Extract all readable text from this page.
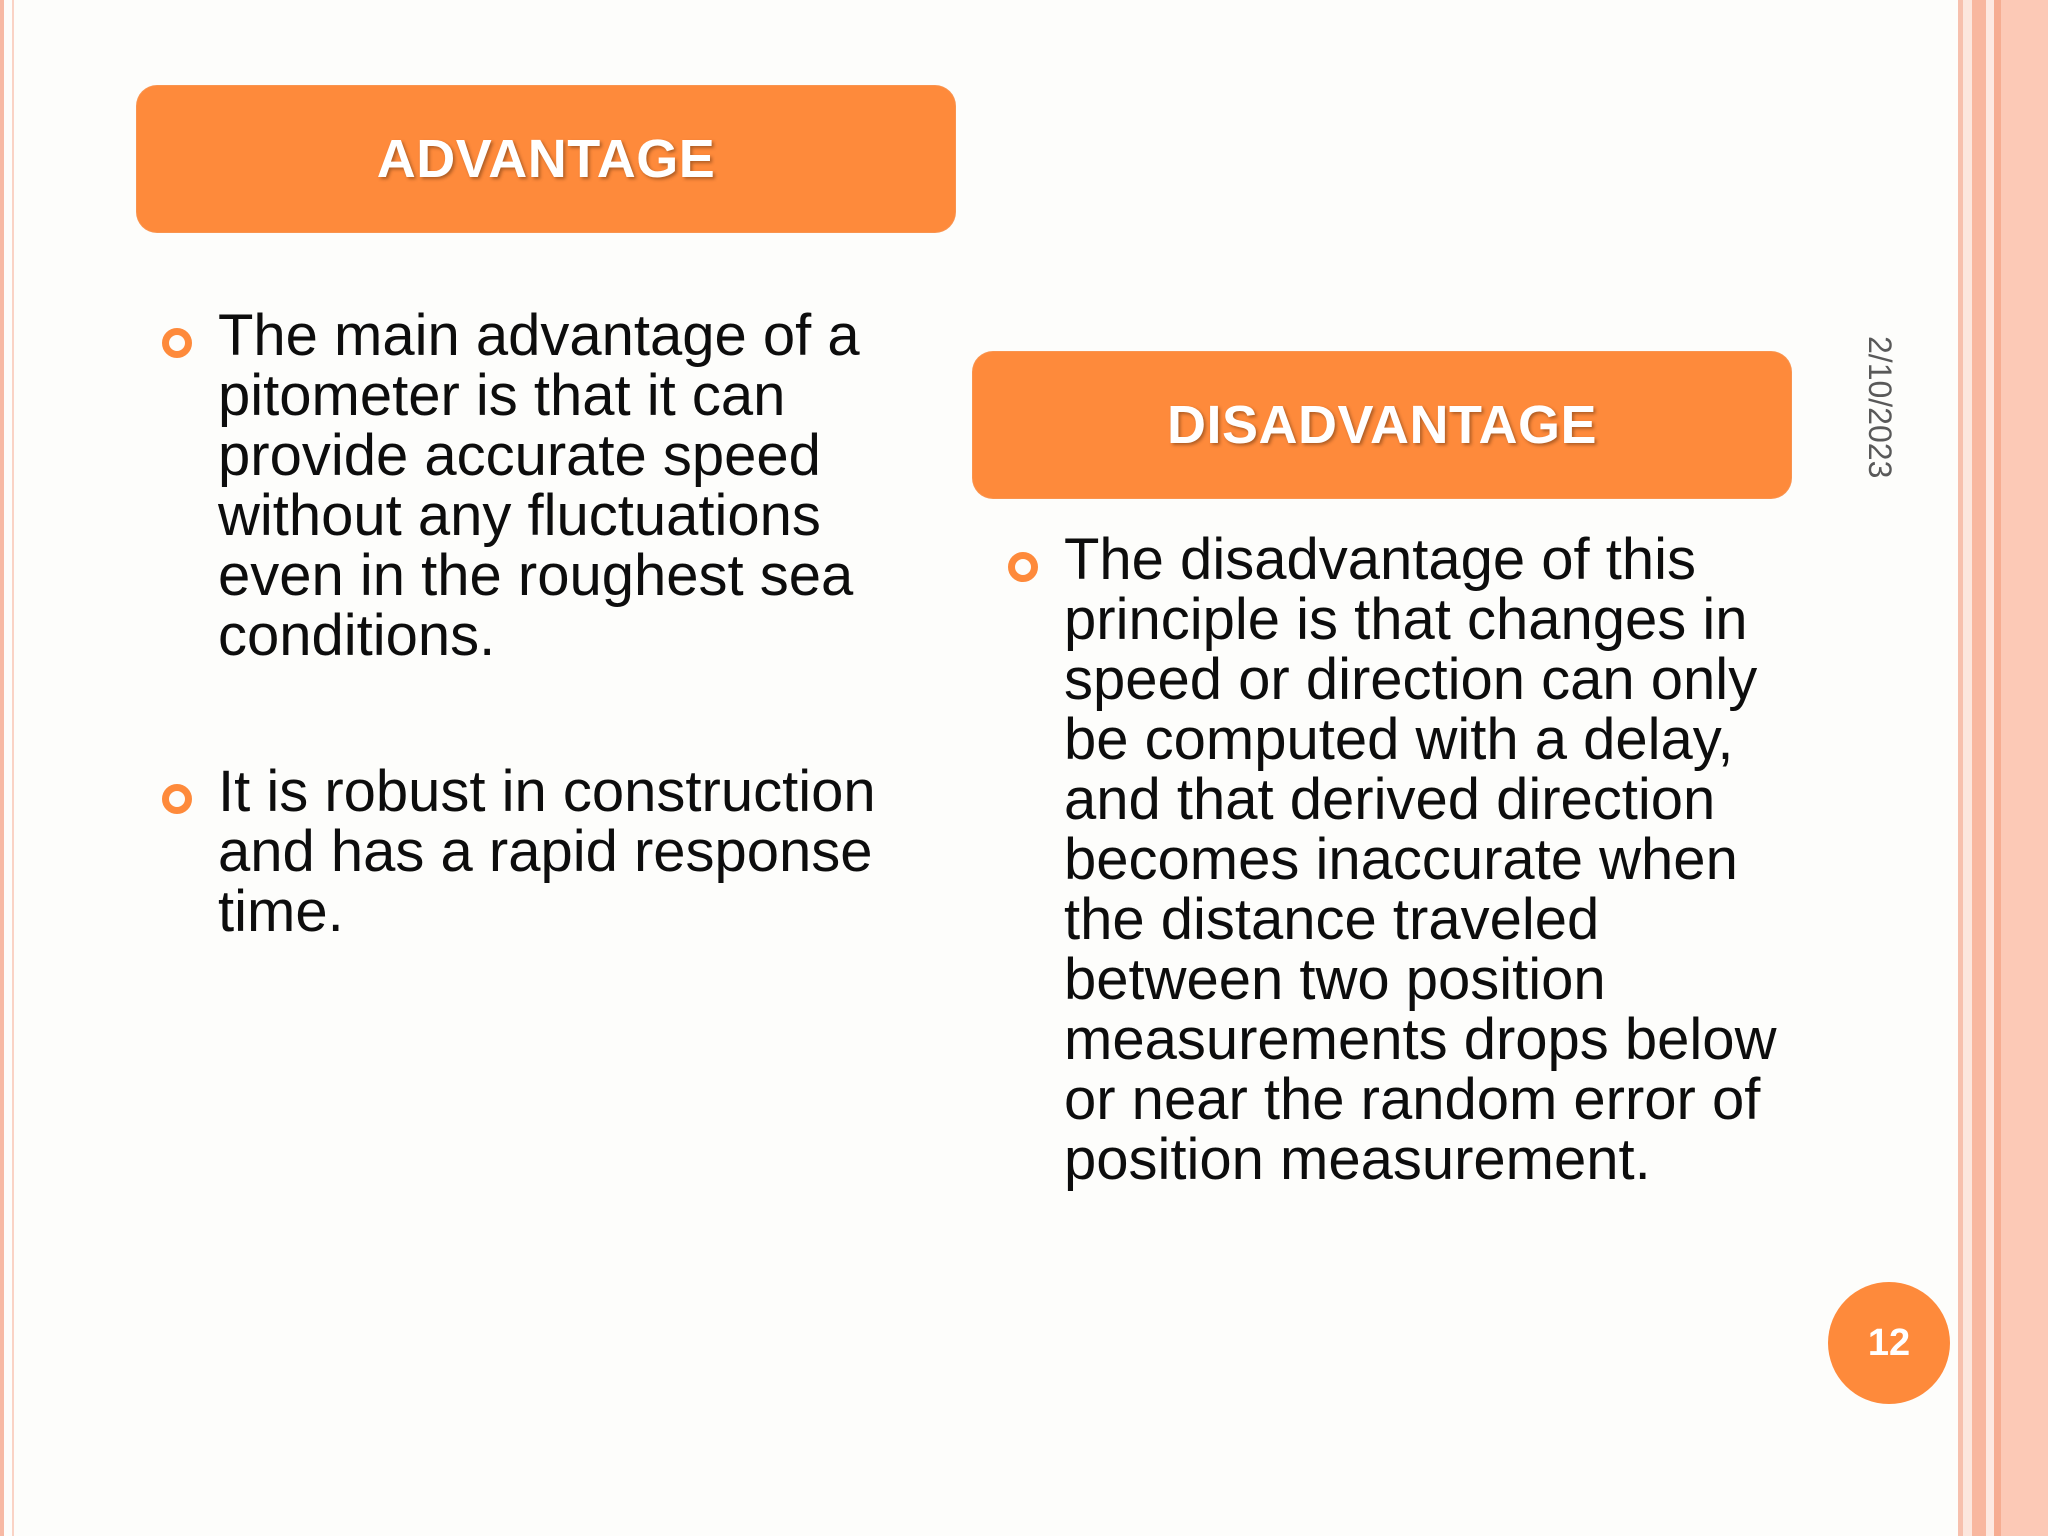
ADVANTAGE
The main advantage of a pitometer is that it can provide accurate speed without any fluctuations even in the roughest sea conditions.
It is robust in construction and has a rapid response time.
DISADVANTAGE
The disadvantage of this principle is that changes in speed or direction can only be computed with a delay, and that derived direction becomes inaccurate when the distance traveled between two position measurements drops below or near the random error of position measurement.
2/10/2023
12
